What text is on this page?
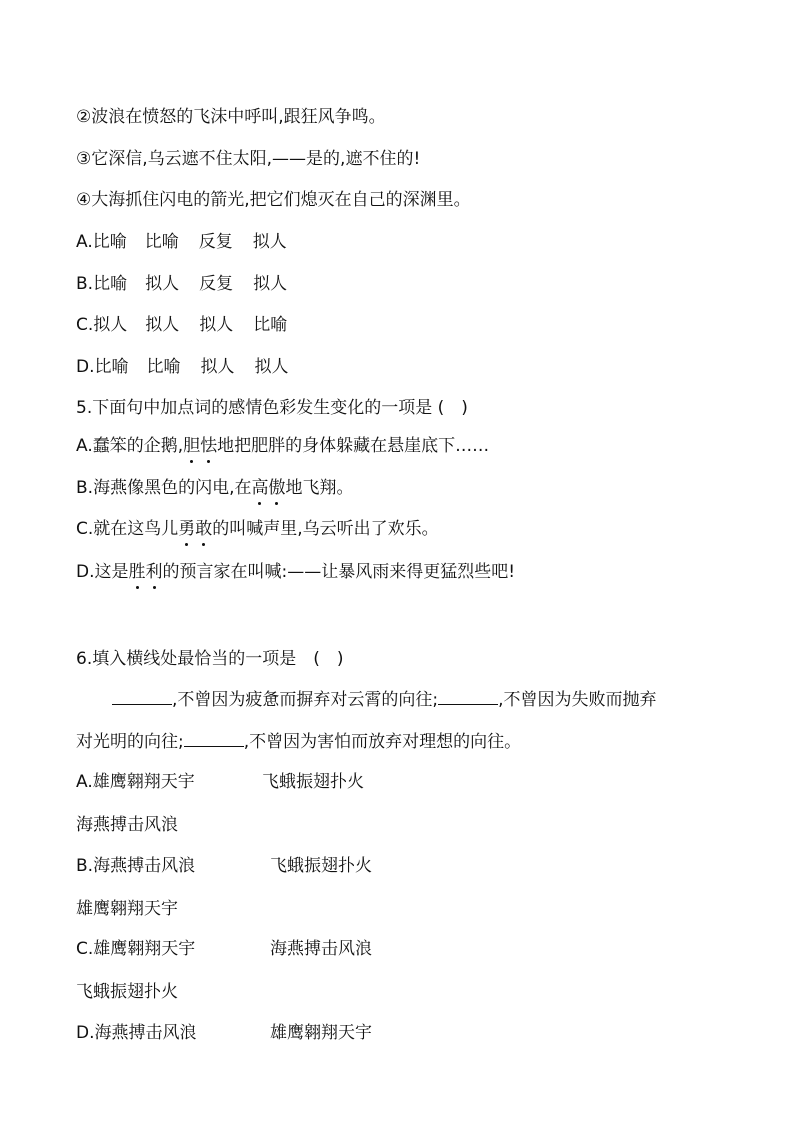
②波浪在愤怒的飞沫中呼叫,跟狂风争鸣。
③它深信,乌云遮不住太阳,——是的,遮不住的!
④大海抓住闪电的箭光,把它们熄灭在自己的深渊里。
A.比喻 比喻 反复 拟人
B.比喻 拟人 反复 拟人
C.拟人 拟人 拟人 比喻
D.比喻 比喻 拟人 拟人
5.下面句中加点词的感情色彩发生变化的一项是 (　)
A.蠢笨的企鹅,胆怯地把肥胖的身体躲藏在悬崖底下……
B.海燕像黑色的闪电,在高傲地飞翔。
C.就在这鸟儿勇敢的叫喊声里,乌云听出了欢乐。
D.这是胜利的预言家在叫喊:——让暴风雨来得更猛烈些吧!
6.填入横线处最恰当的一项是　(　)
,不曾因为疲惫而摒弃对云霄的向往;	,不曾因为失败而抛弃
对光明的向往;	,不曾因为害怕而放弃对理想的向往。
A.雄鹰翱翔天宇	飞蛾振翅扑火
海燕搏击风浪
B.海燕搏击风浪	飞蛾振翅扑火
雄鹰翱翔天宇
C.雄鹰翱翔天宇	海燕搏击风浪
飞蛾振翅扑火
D.海燕搏击风浪	雄鹰翱翔天宇
